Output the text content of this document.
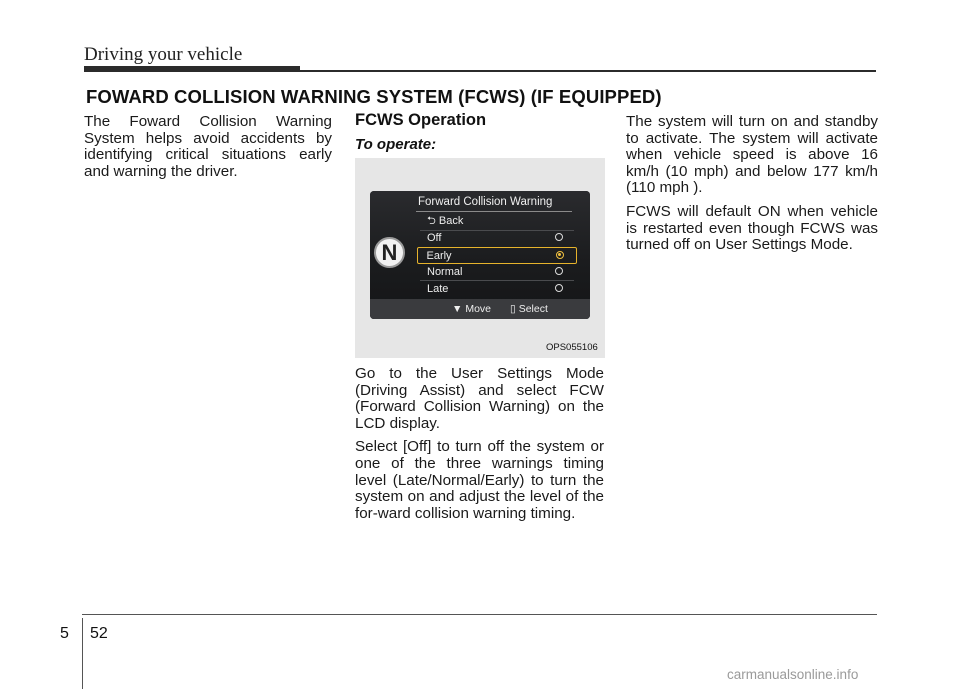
Driving your vehicle
FOWARD COLLISION WARNING SYSTEM (FCWS) (IF EQUIPPED)

The Foward Collision Warning System helps avoid accidents by identifying critical situations early and warning the driver.

FCWS Operation
To operate:
N
Forward Collision Warning
⮌ Back
Off
Early
Normal
Late
▼ Move ▯ Select
OPS055106

Go to the User Settings Mode (Driving Assist) and select FCW (Forward Collision Warning) on the LCD display.

Select [Off] to turn off the system or one of the three warnings timing level (Late/Normal/Early) to turn the system on and adjust the level of the for-ward collision warning timing.

The system will turn on and standby to activate. The system will activate when vehicle speed is above 16 km/h (10 mph) and below 177 km/h (110 mph ).

FCWS will default ON when vehicle is restarted even though FCWS was turned off on User Settings Mode.

5 52
carmanualsonline.info
